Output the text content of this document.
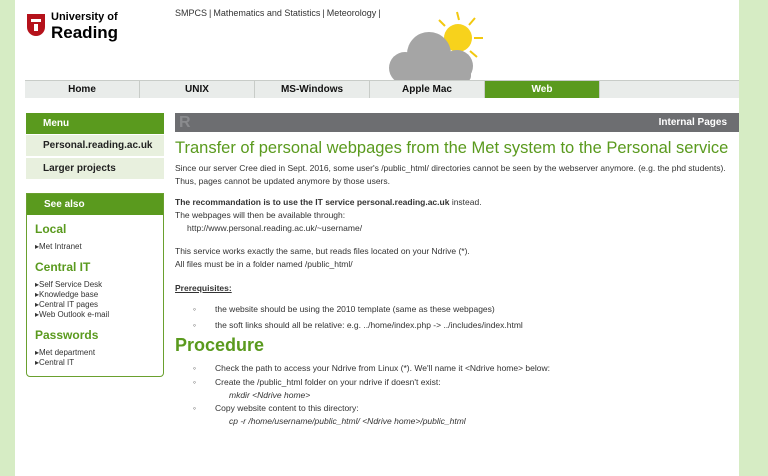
University of
Reading
SMPCS | Mathematics and Statistics | Meteorology |
Home	UNIX	MS-Windows	Apple Mac	Web
Menu
Personal.reading.ac.uk
Larger projects
See also
Local
▸Met Intranet
Central IT
▸Self Service Desk
▸Knowledge base
▸Central IT pages
▸Web Outlook e-mail
Passwords
▸Met department
▸Central IT
R	Internal Pages
Transfer of personal webpages from the Met system to the Personal service

Since our server Cree died in Sept. 2016, some user's /public_html/ directories cannot be seen by the webserver anymore. (e.g. the phd students). Thus, pages cannot be updated anymore by those users.

The recommandation is to use the IT service personal.reading.ac.uk instead.

The webpages will then be available through:

http://www.personal.reading.ac.uk/~username/

This service works exactly the same, but reads files located on your Ndrive (*).

All files must be in a folder named /public_html/

Prerequisites:

◦ the website should be using the 2010 template (same as these webpages)
◦ the soft links should all be relative: e.g. ../home/index.php -> ../includes/index.html
Procedure
◦ Check the path to access your Ndrive from Linux (*). We'll name it <Ndrive home> below:
◦ Create the /public_html folder on your ndrive if doesn't exist:
mkdir <Ndrive home>
◦ Copy website content to this directory:
cp -r /home/username/public_html/ <Ndrive home>/public_html
